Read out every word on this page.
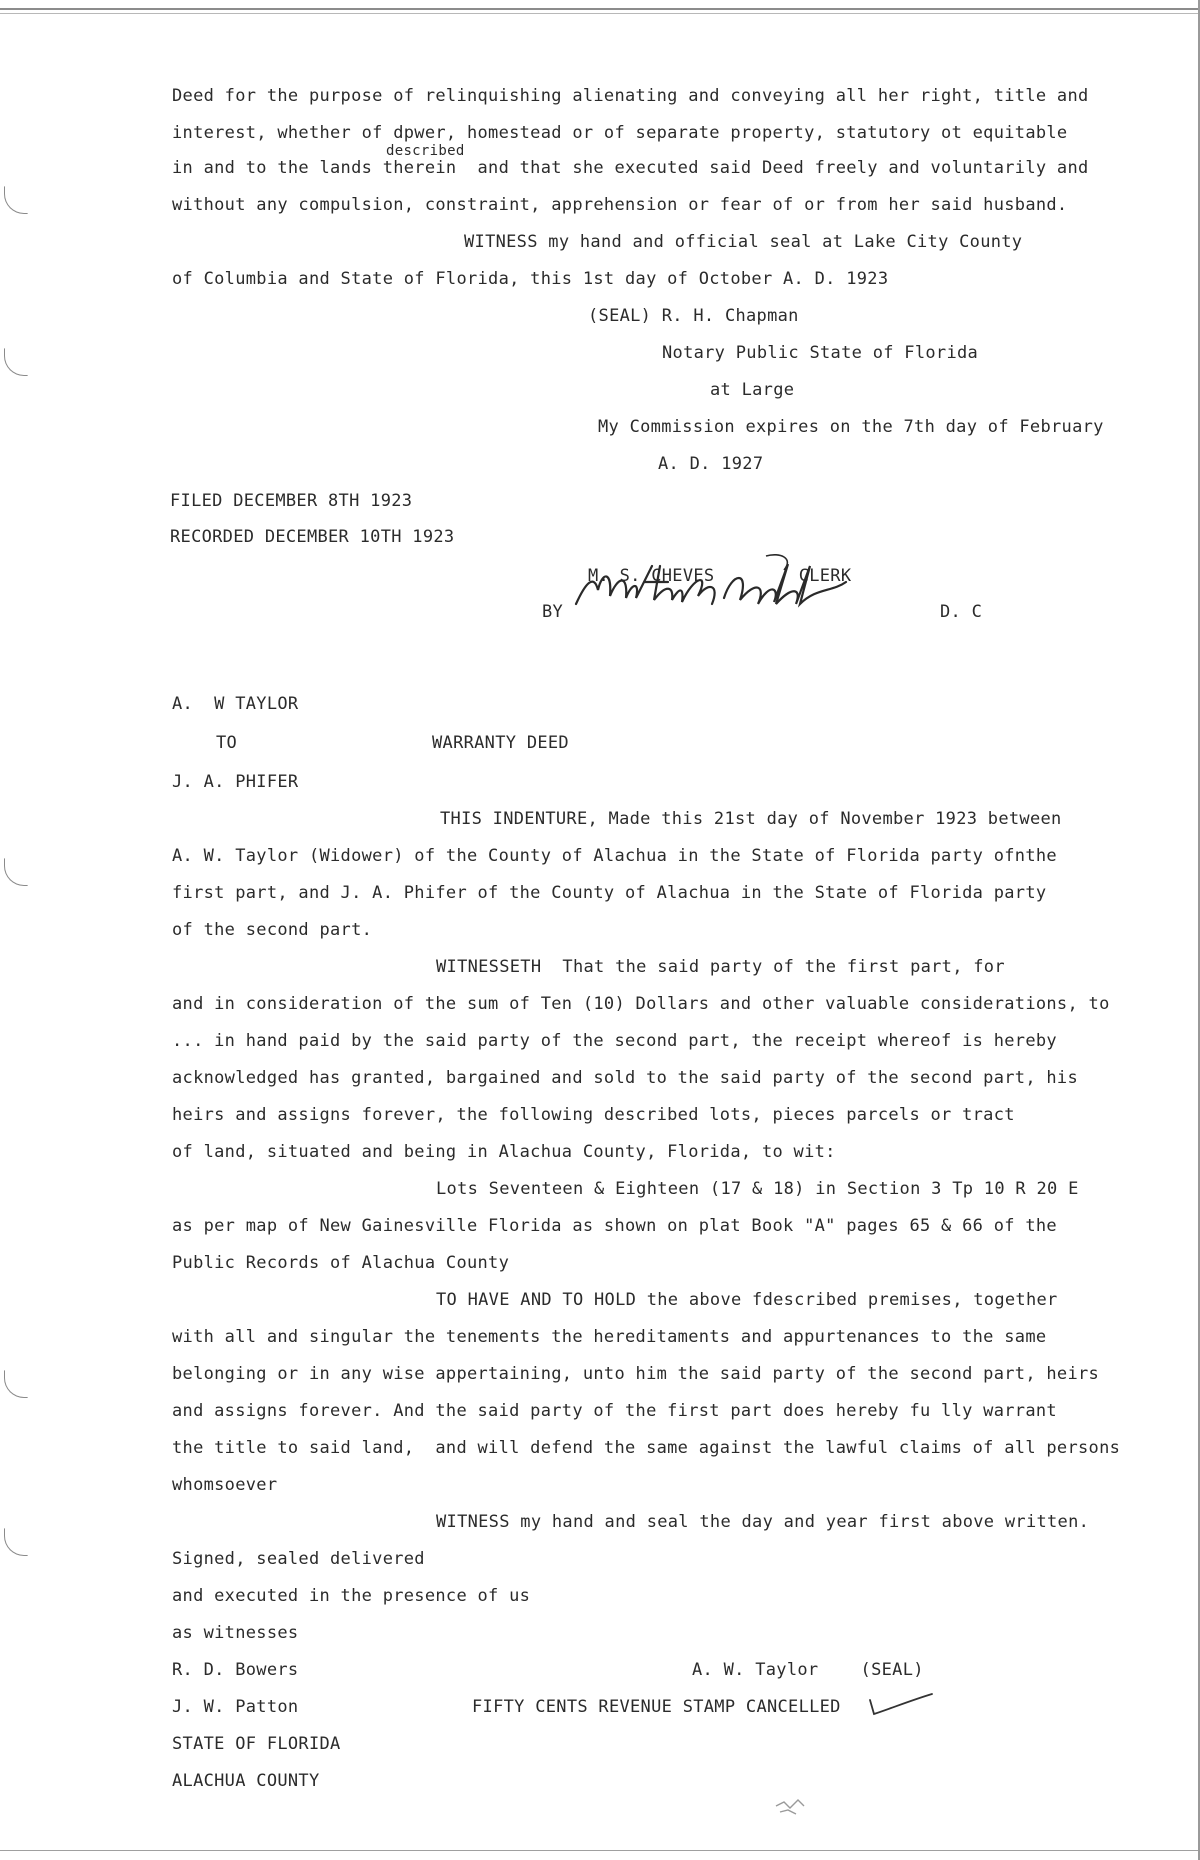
Deed for the purpose of relinquishing alienating and conveying all her right, title and
interest, whether of dpwer, homestead or of separate property, statutory ot equitable
described
in and to the lands therein  and that she executed said Deed freely and voluntarily and
without any compulsion, constraint, apprehension or fear of or from her said husband.
WITNESS my hand and official seal at Lake City County
of Columbia and State of Florida, this 1st day of October A. D. 1923
(SEAL) R. H. Chapman
Notary Public State of Florida
at Large
My Commission expires on the 7th day of February
A. D. 1927
FILED DECEMBER 8TH 1923
RECORDED DECEMBER 10TH 1923
M. S. CHEVES        CLERK
BY	D. C
A.  W TAYLOR
TO	WARRANTY DEED
J. A. PHIFER
THIS INDENTURE, Made this 21st day of November 1923 between
A. W. Taylor (Widower) of the County of Alachua in the State of Florida party ofnthe
first part, and J. A. Phifer of the County of Alachua in the State of Florida party
of the second part.
WITNESSETH  That the said party of the first part, for
and in consideration of the sum of Ten (10) Dollars and other valuable considerations, to
... in hand paid by the said party of the second part, the receipt whereof is hereby
acknowledged has granted, bargained and sold to the said party of the second part, his
heirs and assigns forever, the following described lots, pieces parcels or tract
of land, situated and being in Alachua County, Florida, to wit:
Lots Seventeen & Eighteen (17 & 18) in Section 3 Tp 10 R 20 E
as per map of New Gainesville Florida as shown on plat Book "A" pages 65 & 66 of the
Public Records of Alachua County
TO HAVE AND TO HOLD the above fdescribed premises, together
with all and singular the tenements the hereditaments and appurtenances to the same
belonging or in any wise appertaining, unto him the said party of the second part, heirs
and assigns forever. And the said party of the first part does hereby fu lly warrant
the title to said land,  and will defend the same against the lawful claims of all persons
whomsoever
WITNESS my hand and seal the day and year first above written.
Signed, sealed delivered
and executed in the presence of us
as witnesses
R. D. Bowers	A. W. Taylor    (SEAL)
J. W. Patton	FIFTY CENTS REVENUE STAMP CANCELLED
STATE OF FLORIDA
ALACHUA COUNTY
